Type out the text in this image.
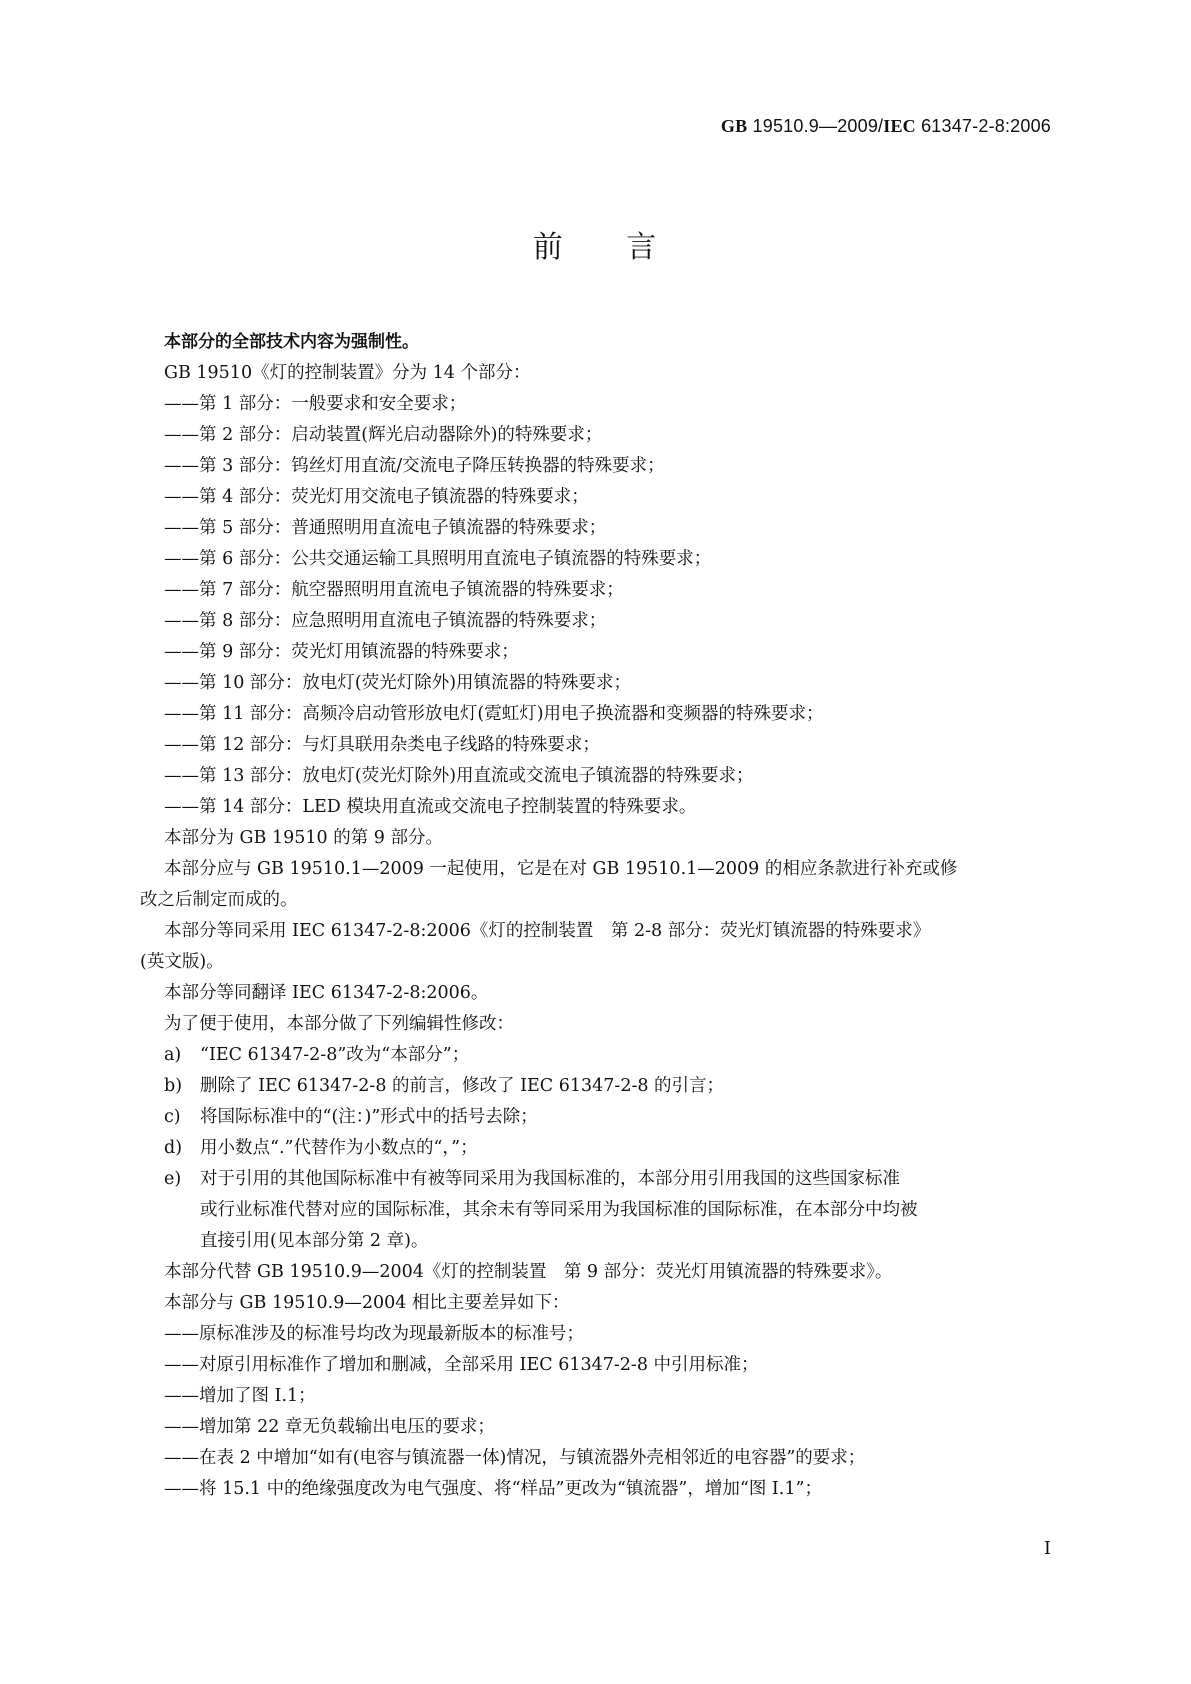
GB 19510.9—2009/IEC 61347-2-8:2006
前 言

本部分的全部技术内容为强制性。

GB 19510《灯的控制装置》分为 14 个部分：

——第 1 部分：一般要求和安全要求；

——第 2 部分：启动装置(辉光启动器除外)的特殊要求；

——第 3 部分：钨丝灯用直流/交流电子降压转换器的特殊要求；

——第 4 部分：荧光灯用交流电子镇流器的特殊要求；

——第 5 部分：普通照明用直流电子镇流器的特殊要求；

——第 6 部分：公共交通运输工具照明用直流电子镇流器的特殊要求；

——第 7 部分：航空器照明用直流电子镇流器的特殊要求；

——第 8 部分：应急照明用直流电子镇流器的特殊要求；

——第 9 部分：荧光灯用镇流器的特殊要求；

——第 10 部分：放电灯(荧光灯除外)用镇流器的特殊要求；

——第 11 部分：高频冷启动管形放电灯(霓虹灯)用电子换流器和变频器的特殊要求；

——第 12 部分：与灯具联用杂类电子线路的特殊要求；

——第 13 部分：放电灯(荧光灯除外)用直流或交流电子镇流器的特殊要求；

——第 14 部分：LED 模块用直流或交流电子控制装置的特殊要求。

本部分为 GB 19510 的第 9 部分。

本部分应与 GB 19510.1—2009 一起使用，它是在对 GB 19510.1—2009 的相应条款进行补充或修

改之后制定而成的。

本部分等同采用 IEC 61347-2-8:2006《灯的控制装置　第 2-8 部分：荧光灯镇流器的特殊要求》

(英文版)。

本部分等同翻译 IEC 61347-2-8:2006。

为了便于使用，本部分做了下列编辑性修改：

a) “IEC 61347-2-8”改为“本部分”；

b) 删除了 IEC 61347-2-8 的前言，修改了 IEC 61347-2-8 的引言；

c) 将国际标准中的“(注：)”形式中的括号去除；

d) 用小数点“.”代替作为小数点的“，”；

e) 对于引用的其他国际标准中有被等同采用为我国标准的，本部分用引用我国的这些国家标准

或行业标准代替对应的国际标准，其余未有等同采用为我国标准的国际标准，在本部分中均被

直接引用(见本部分第 2 章)。

本部分代替 GB 19510.9—2004《灯的控制装置　第 9 部分：荧光灯用镇流器的特殊要求》。

本部分与 GB 19510.9—2004 相比主要差异如下：

——原标准涉及的标准号均改为现最新版本的标准号；

——对原引用标准作了增加和删减，全部采用 IEC 61347-2-8 中引用标准；

——增加了图 I.1；

——增加第 22 章无负载输出电压的要求；

——在表 2 中增加“如有(电容与镇流器一体)情况，与镇流器外壳相邻近的电容器”的要求；

——将 15.1 中的绝缘强度改为电气强度、将“样品”更改为“镇流器”，增加“图 I.1”；

I
